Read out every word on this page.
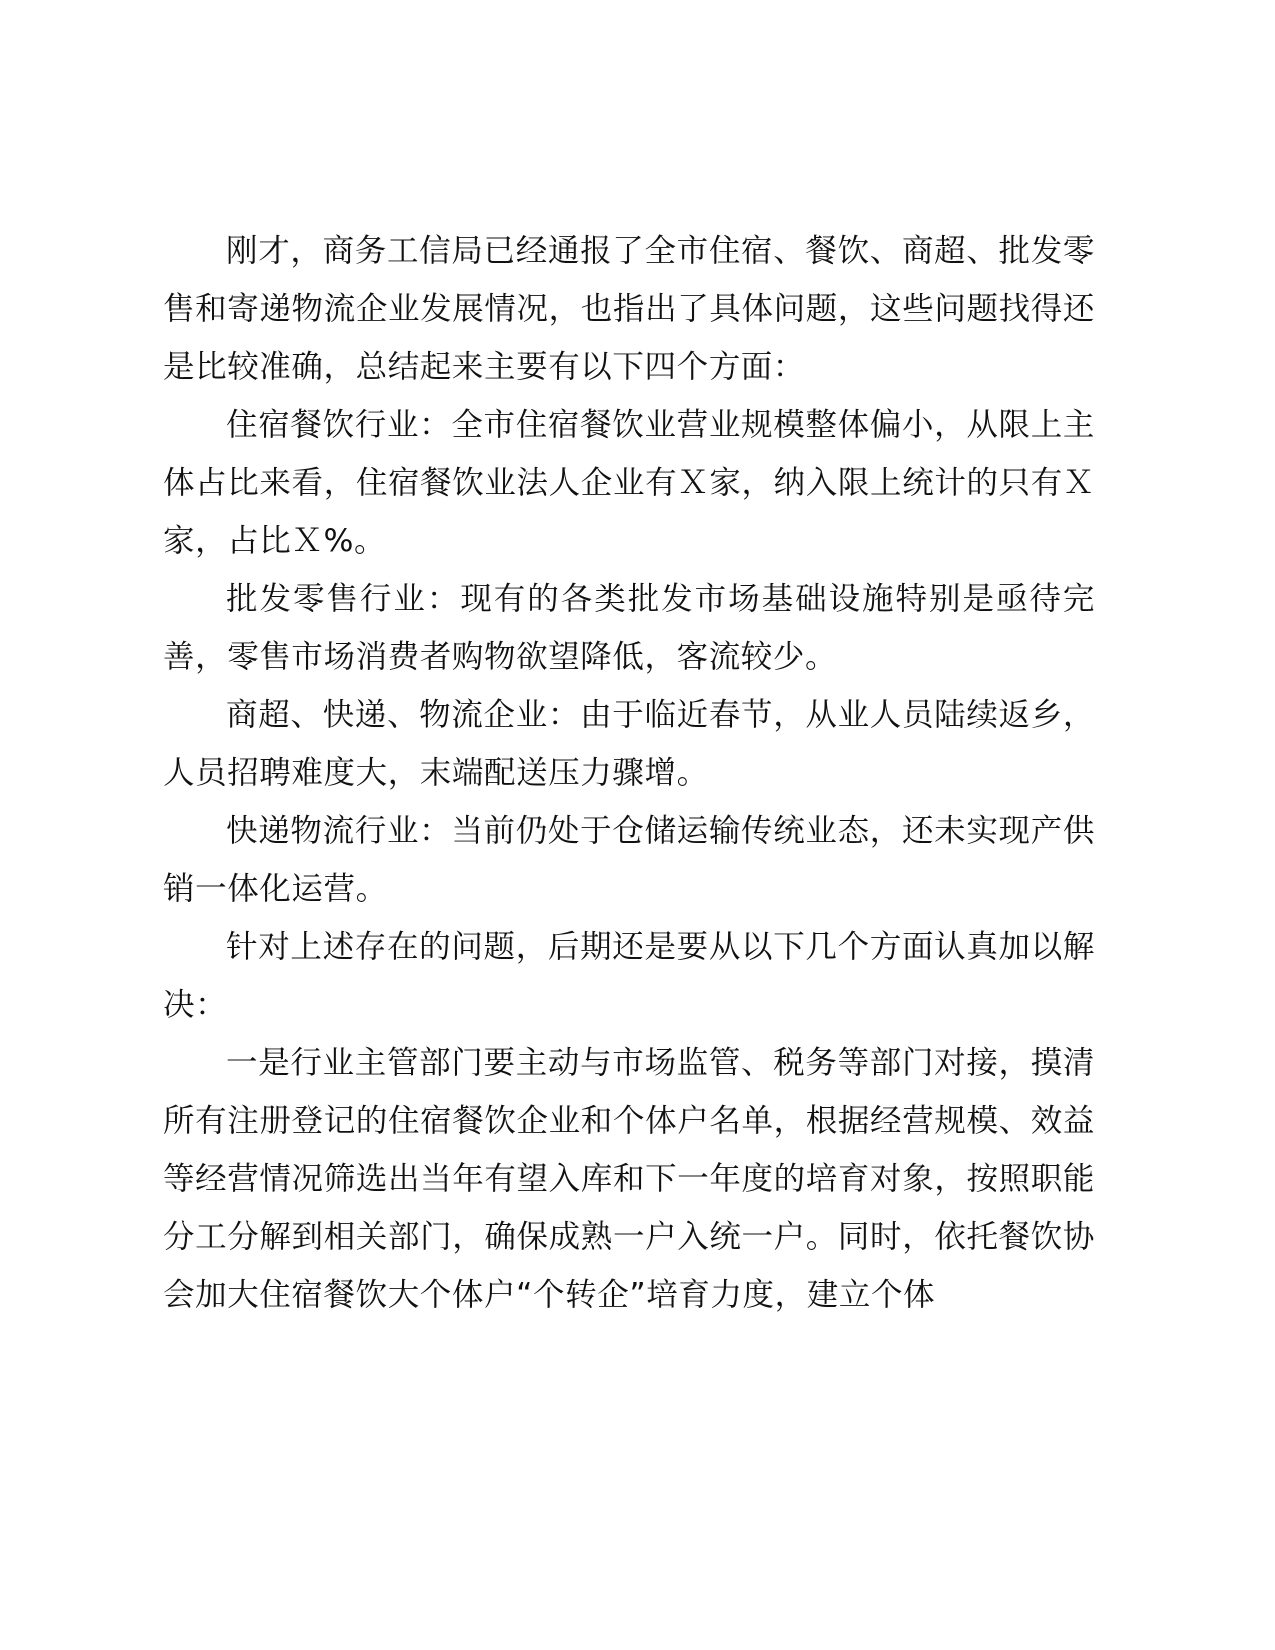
刚才，商务工信局已经通报了全市住宿、餐饮、商超、批发零售和寄递物流企业发展情况，也指出了具体问题，这些问题找得还是比较准确，总结起来主要有以下四个方面：

住宿餐饮行业：全市住宿餐饮业营业规模整体偏小，从限上主体占比来看，住宿餐饮业法人企业有Ｘ家，纳入限上统计的只有Ｘ家，占比Ｘ%。

批发零售行业：现有的各类批发市场基础设施特别是亟待完善，零售市场消费者购物欲望降低，客流较少。

商超、快递、物流企业：由于临近春节，从业人员陆续返乡，人员招聘难度大，末端配送压力骤增。

快递物流行业：当前仍处于仓储运输传统业态，还未实现产供销一体化运营。

针对上述存在的问题，后期还是要从以下几个方面认真加以解决：

一是行业主管部门要主动与市场监管、税务等部门对接，摸清所有注册登记的住宿餐饮企业和个体户名单，根据经营规模、效益等经营情况筛选出当年有望入库和下一年度的培育对象，按照职能分工分解到相关部门，确保成熟一户入统一户。同时，依托餐饮协会加大住宿餐饮大个体户“个转企”培育力度，建立个体
